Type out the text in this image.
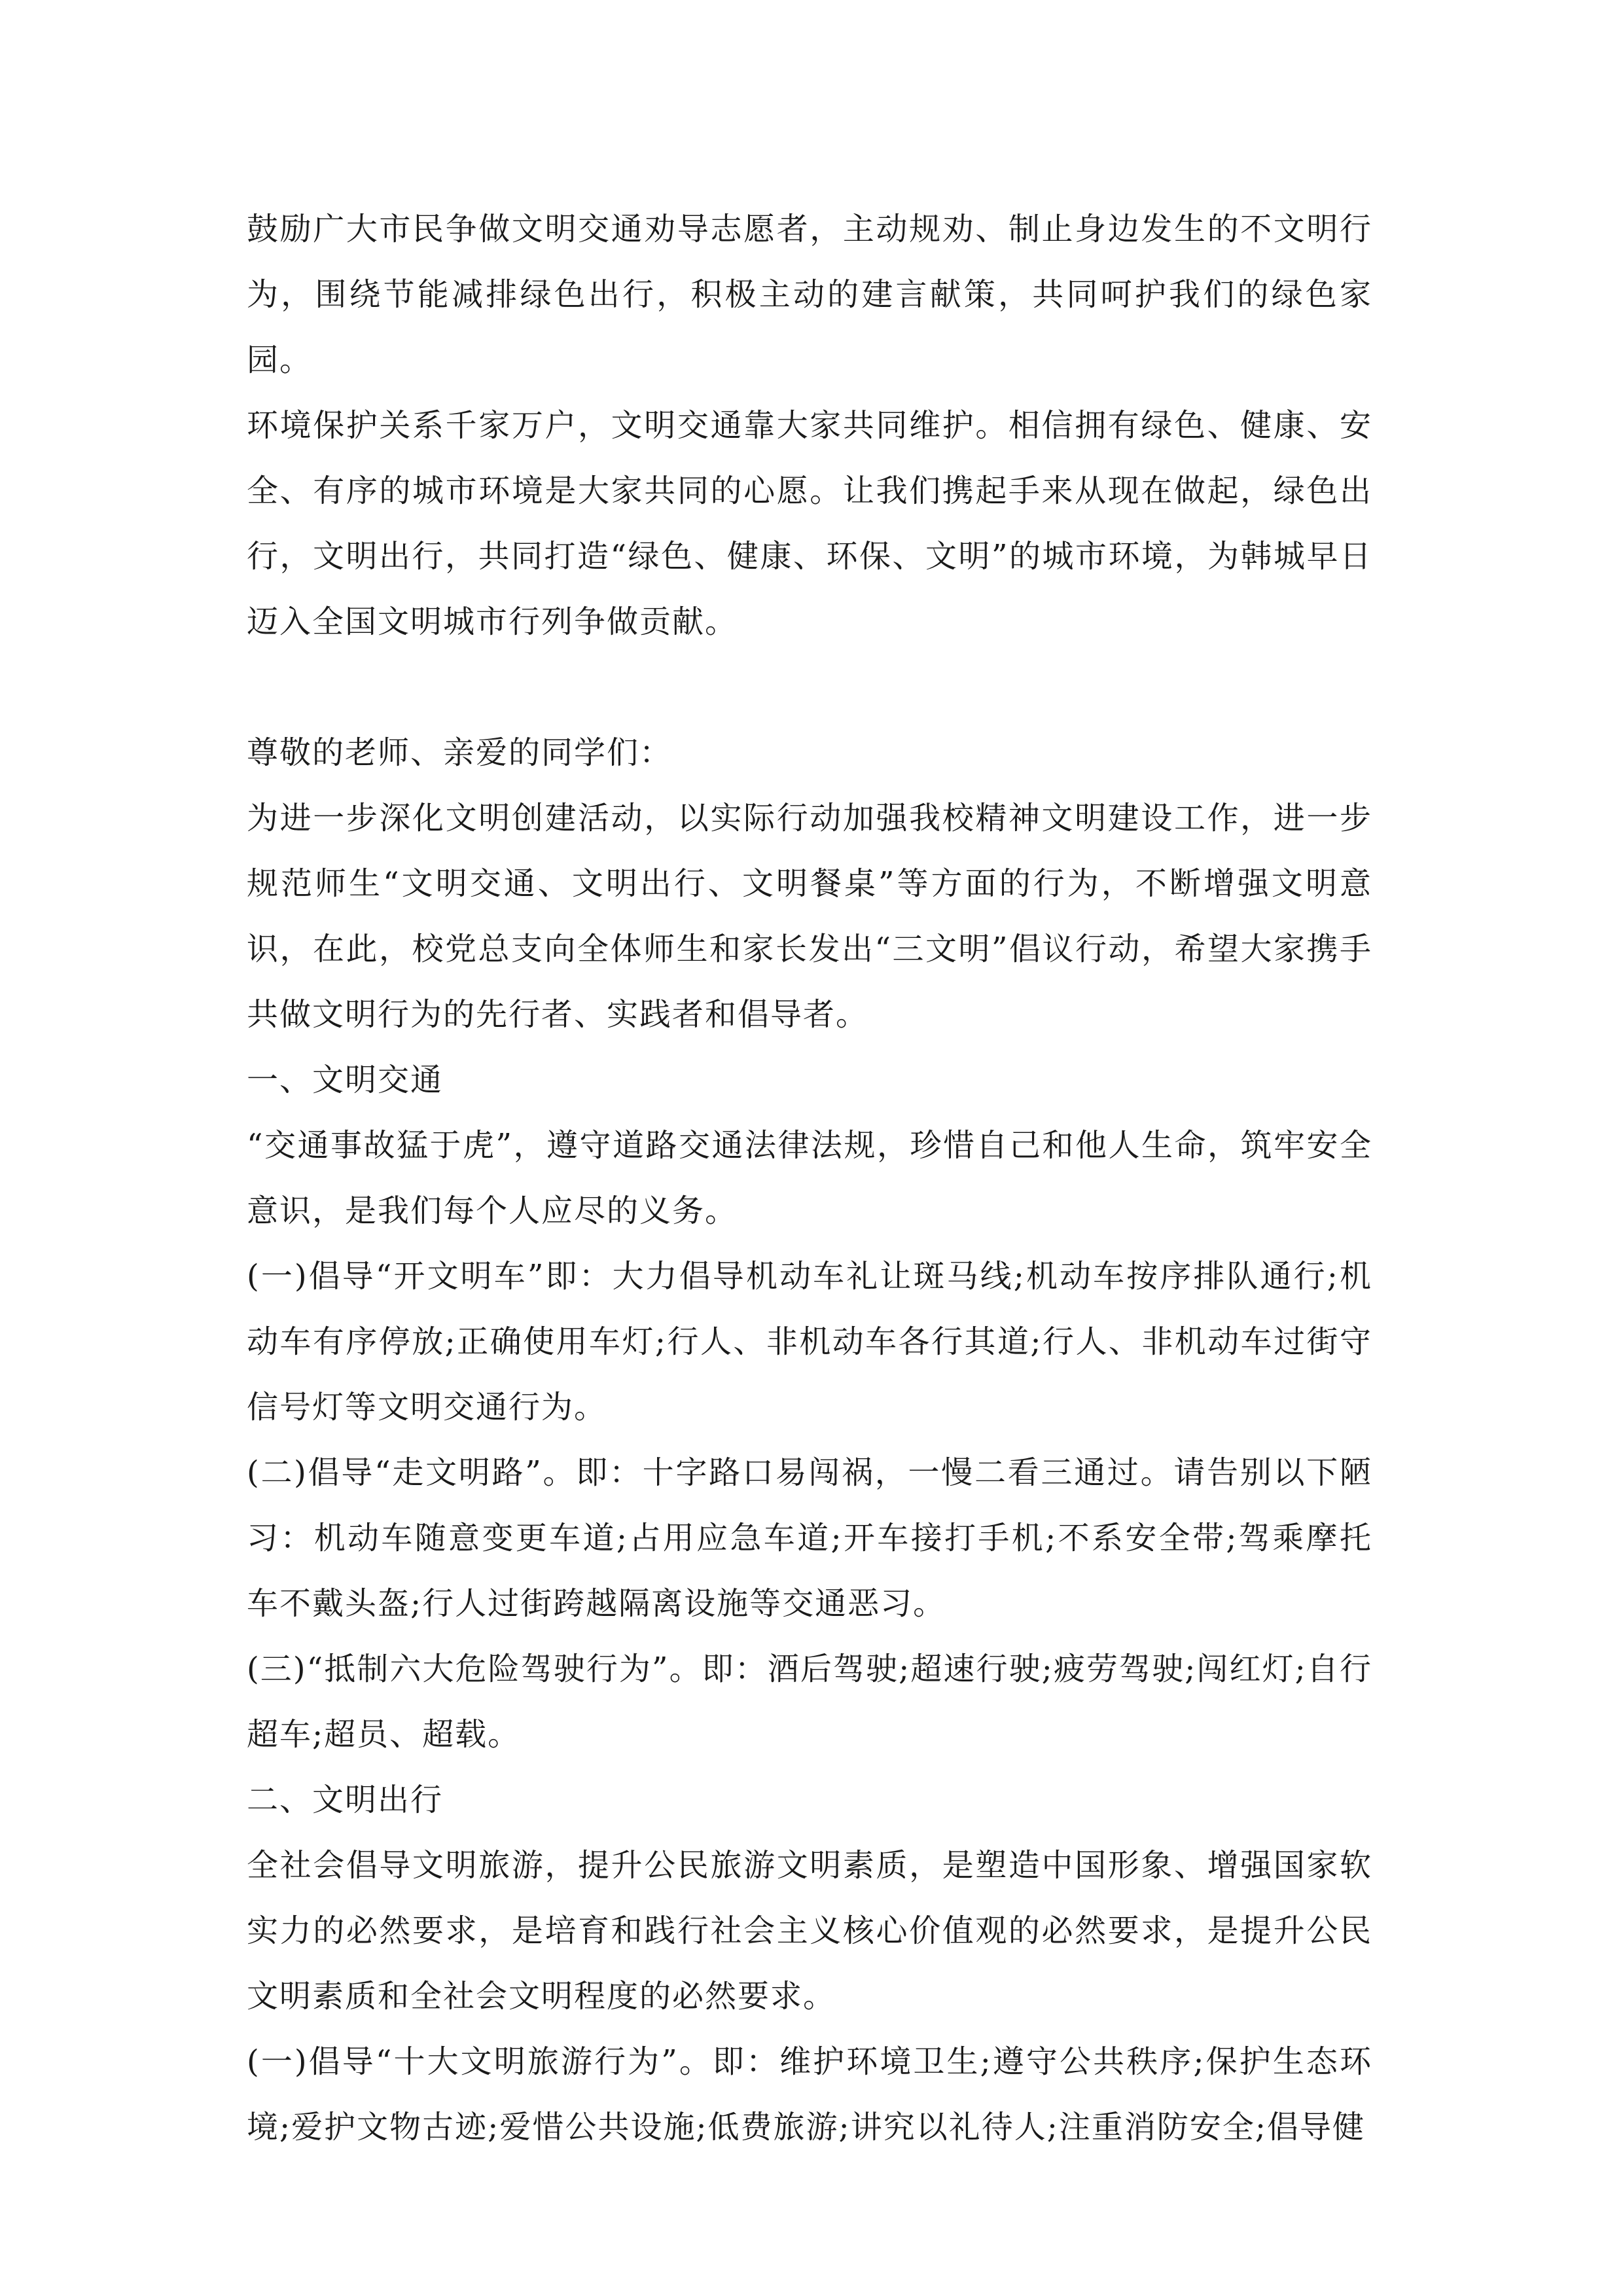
鼓励广大市民争做文明交通劝导志愿者，主动规劝、制止身边发生的不文明行为，围绕节能减排绿色出行，积极主动的建言献策，共同呵护我们的绿色家园。

环境保护关系千家万户，文明交通靠大家共同维护。相信拥有绿色、健康、安全、有序的城市环境是大家共同的心愿。让我们携起手来从现在做起，绿色出行，文明出行，共同打造“绿色、健康、环保、文明”的城市环境，为韩城早日迈入全国文明城市行列争做贡献。

尊敬的老师、亲爱的同学们：

为进一步深化文明创建活动，以实际行动加强我校精神文明建设工作，进一步规范师生“文明交通、文明出行、文明餐桌”等方面的行为，不断增强文明意识，在此，校党总支向全体师生和家长发出“三文明”倡议行动，希望大家携手共做文明行为的先行者、实践者和倡导者。

一、文明交通

“交通事故猛于虎”，遵守道路交通法律法规，珍惜自己和他人生命，筑牢安全意识，是我们每个人应尽的义务。

(一)倡导“开文明车”即：大力倡导机动车礼让斑马线;机动车按序排队通行;机动车有序停放;正确使用车灯;行人、非机动车各行其道;行人、非机动车过街守信号灯等文明交通行为。

(二)倡导“走文明路”。即：十字路口易闯祸，一慢二看三通过。请告别以下陋习：机动车随意变更车道;占用应急车道;开车接打手机;不系安全带;驾乘摩托车不戴头盔;行人过街跨越隔离设施等交通恶习。

(三)“抵制六大危险驾驶行为”。即：酒后驾驶;超速行驶;疲劳驾驶;闯红灯;自行超车;超员、超载。

二、文明出行

全社会倡导文明旅游，提升公民旅游文明素质，是塑造中国形象、增强国家软实力的必然要求，是培育和践行社会主义核心价值观的必然要求，是提升公民文明素质和全社会文明程度的必然要求。

(一)倡导“十大文明旅游行为”。即：维护环境卫生;遵守公共秩序;保护生态环境;爱护文物古迹;爱惜公共设施;低费旅游;讲究以礼待人;注重消防安全;倡导健
